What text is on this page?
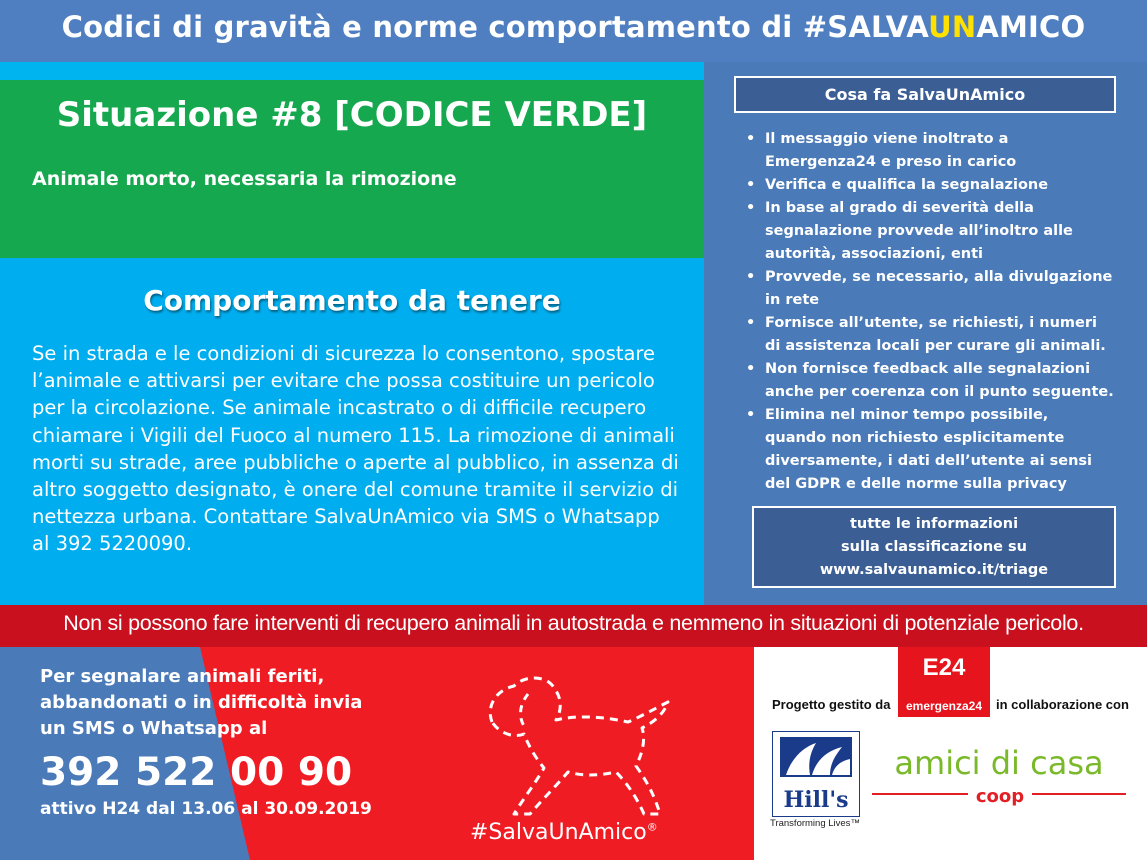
Codici di gravità e norme comportamento di #SALVAUNAMICO
Situazione #8 [CODICE VERDE]
Animale morto, necessaria la rimozione
Comportamento da tenere
Se in strada e le condizioni di sicurezza lo consentono, spostare l’animale e attivarsi per evitare che possa costituire un pericolo per la circolazione. Se animale incastrato o di difficile recupero chiamare i Vigili del Fuoco al numero 115. La rimozione di animali morti su strade, aree pubbliche o aperte al pubblico, in assenza di altro soggetto designato, è onere del comune tramite il servizio di nettezza urbana. Contattare SalvaUnAmico via SMS o Whatsapp al 392 5220090.
Cosa fa SalvaUnAmico
• Il messaggio viene inoltrato a Emergenza24 e preso in carico
• Verifica e qualifica la segnalazione
• In base al grado di severità della segnalazione provvede all’inoltro alle autorità, associazioni, enti
• Provvede, se necessario, alla divulgazione in rete
• Fornisce all’utente, se richiesti, i numeri di assistenza locali per curare gli animali.
• Non fornisce feedback alle segnalazioni anche per coerenza con il punto seguente.
• Elimina nel minor tempo possibile, quando non richiesto esplicitamente diversamente, i dati dell’utente ai sensi del GDPR e delle norme sulla privacy
tutte le informazioni
sulla classificazione su
www.salvaunamico.it/triage
Non si possono fare interventi di recupero animali in autostrada e nemmeno in situazioni di potenziale pericolo.
Per segnalare animali feriti, abbandonati o in difficoltà invia un SMS o Whatsapp al
392 522 00 90
attivo H24 dal 13.06 al 30.09.2019
#SalvaUnAmico®
E24
emergenza24
Progetto gestito da	in collaborazione con
Hill's
Transforming Lives™
amici di casa
coop
